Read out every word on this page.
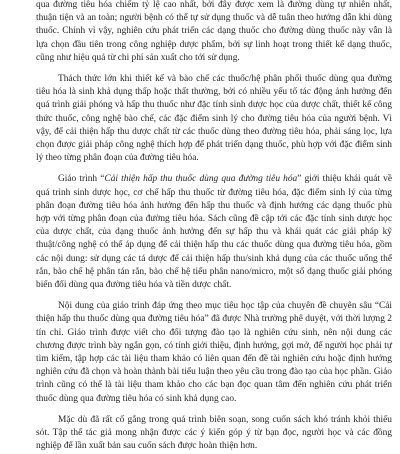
qua đường tiêu hóa chiếm tỷ lệ cao nhất, bởi đây được xem là đường dùng tự nhiên nhất, thuận tiện và an toàn; người bệnh có thể tự sử dụng thuốc và dễ tuân theo hướng dẫn khi dùng thuốc. Chính vì vậy, nghiên cứu phát triển các dạng thuốc cho đường dùng thuốc này vẫn là lựa chọn đầu tiên trong công nghiệp dược phẩm, bởi sự linh hoạt trong thiết kế dạng thuốc, cũng như hiệu quả từ chi phí sản xuất cho tới sử dụng.

Thách thức lớn khi thiết kế và bào chế các thuốc/hệ phân phối thuốc dùng qua đường tiêu hóa là sinh khả dụng thấp hoặc thất thường, bởi có nhiều yếu tố tác động ảnh hưởng đến quá trình giải phóng và hấp thu thuốc như đặc tính sinh dược học của dược chất, thiết kế công thức thuốc, công nghệ bào chế, các đặc điểm sinh lý cho đường tiêu hóa của người bệnh. Vì vậy, để cải thiện hấp thu dược chất từ các thuốc dùng theo đường tiêu hóa, phải sáng lọc, lựa chọn được giải pháp công nghệ thích hợp để phát triển dạng thuốc, phù hợp với đặc điểm sinh lý theo từng phân đoạn của đường tiêu hóa.

Giáo trình “Cải thiện hấp thu thuốc dùng qua đường tiêu hóa” giới thiệu khái quát về quá trình sinh dược học, cơ chế hấp thu thuốc từ đường tiêu hóa, đặc điểm sinh lý của từng phân đoạn đường tiêu hóa ảnh hưởng đến hấp thu thuốc và định hướng các dạng thuốc phù hợp với từng phân đoạn của đường tiêu hóa. Sách cũng đề cập tới các đặc tính sinh dược học của dược chất, của dạng thuốc ảnh hưởng đến sự hấp thu và khái quát các giải pháp kỹ thuật/công nghệ có thể áp dụng để cải thiện hấp thu các thuốc dùng qua đường tiêu hóa, gồm các nội dung: sử dụng các tá dược để cải thiện hấp thu/sinh khả dụng của các thuốc uống thể rắn, bào chế hệ phân tán rắn, bào chế hệ tiểu phân nano/micro, một số dạng thuốc giải phóng biến đổi dùng qua đường tiêu hóa và tiền dược chất.

Nội dung của giáo trình đáp ứng theo mục tiêu học tập của chuyên đề chuyên sâu “Cải thiện hấp thu thuốc dùng qua đường tiêu hóa” đã được Nhà trường phê duyệt, với thời lượng 2 tín chỉ. Giáo trình được viết cho đối tượng đào tạo là nghiên cứu sinh, nên nội dung các chương được trình bày ngắn gọn, có tính giới thiệu, định hướng, gợi mở, để người học phải tự tìm kiếm, tập hợp các tài liệu tham khảo có liên quan đến đề tài nghiên cứu hoặc định hướng nghiên cứu đã chọn và hoàn thành bài tiểu luận theo yêu cầu trong đào tạo của học phần. Giáo trình cũng có thể là tài liệu tham khảo cho các bạn đọc quan tâm đến nghiên cứu phát triển thuốc dùng qua đường tiêu hóa có sinh khả dụng cao.

Mặc dù đã rất cố gắng trong quá trình biên soạn, song cuốn sách khó tránh khỏi thiếu sót. Tập thể tác giả mong nhận được các ý kiến góp ý từ bạn đọc, người học và các đồng nghiệp để lần xuất bản sau cuốn sách được hoàn thiện hơn.
